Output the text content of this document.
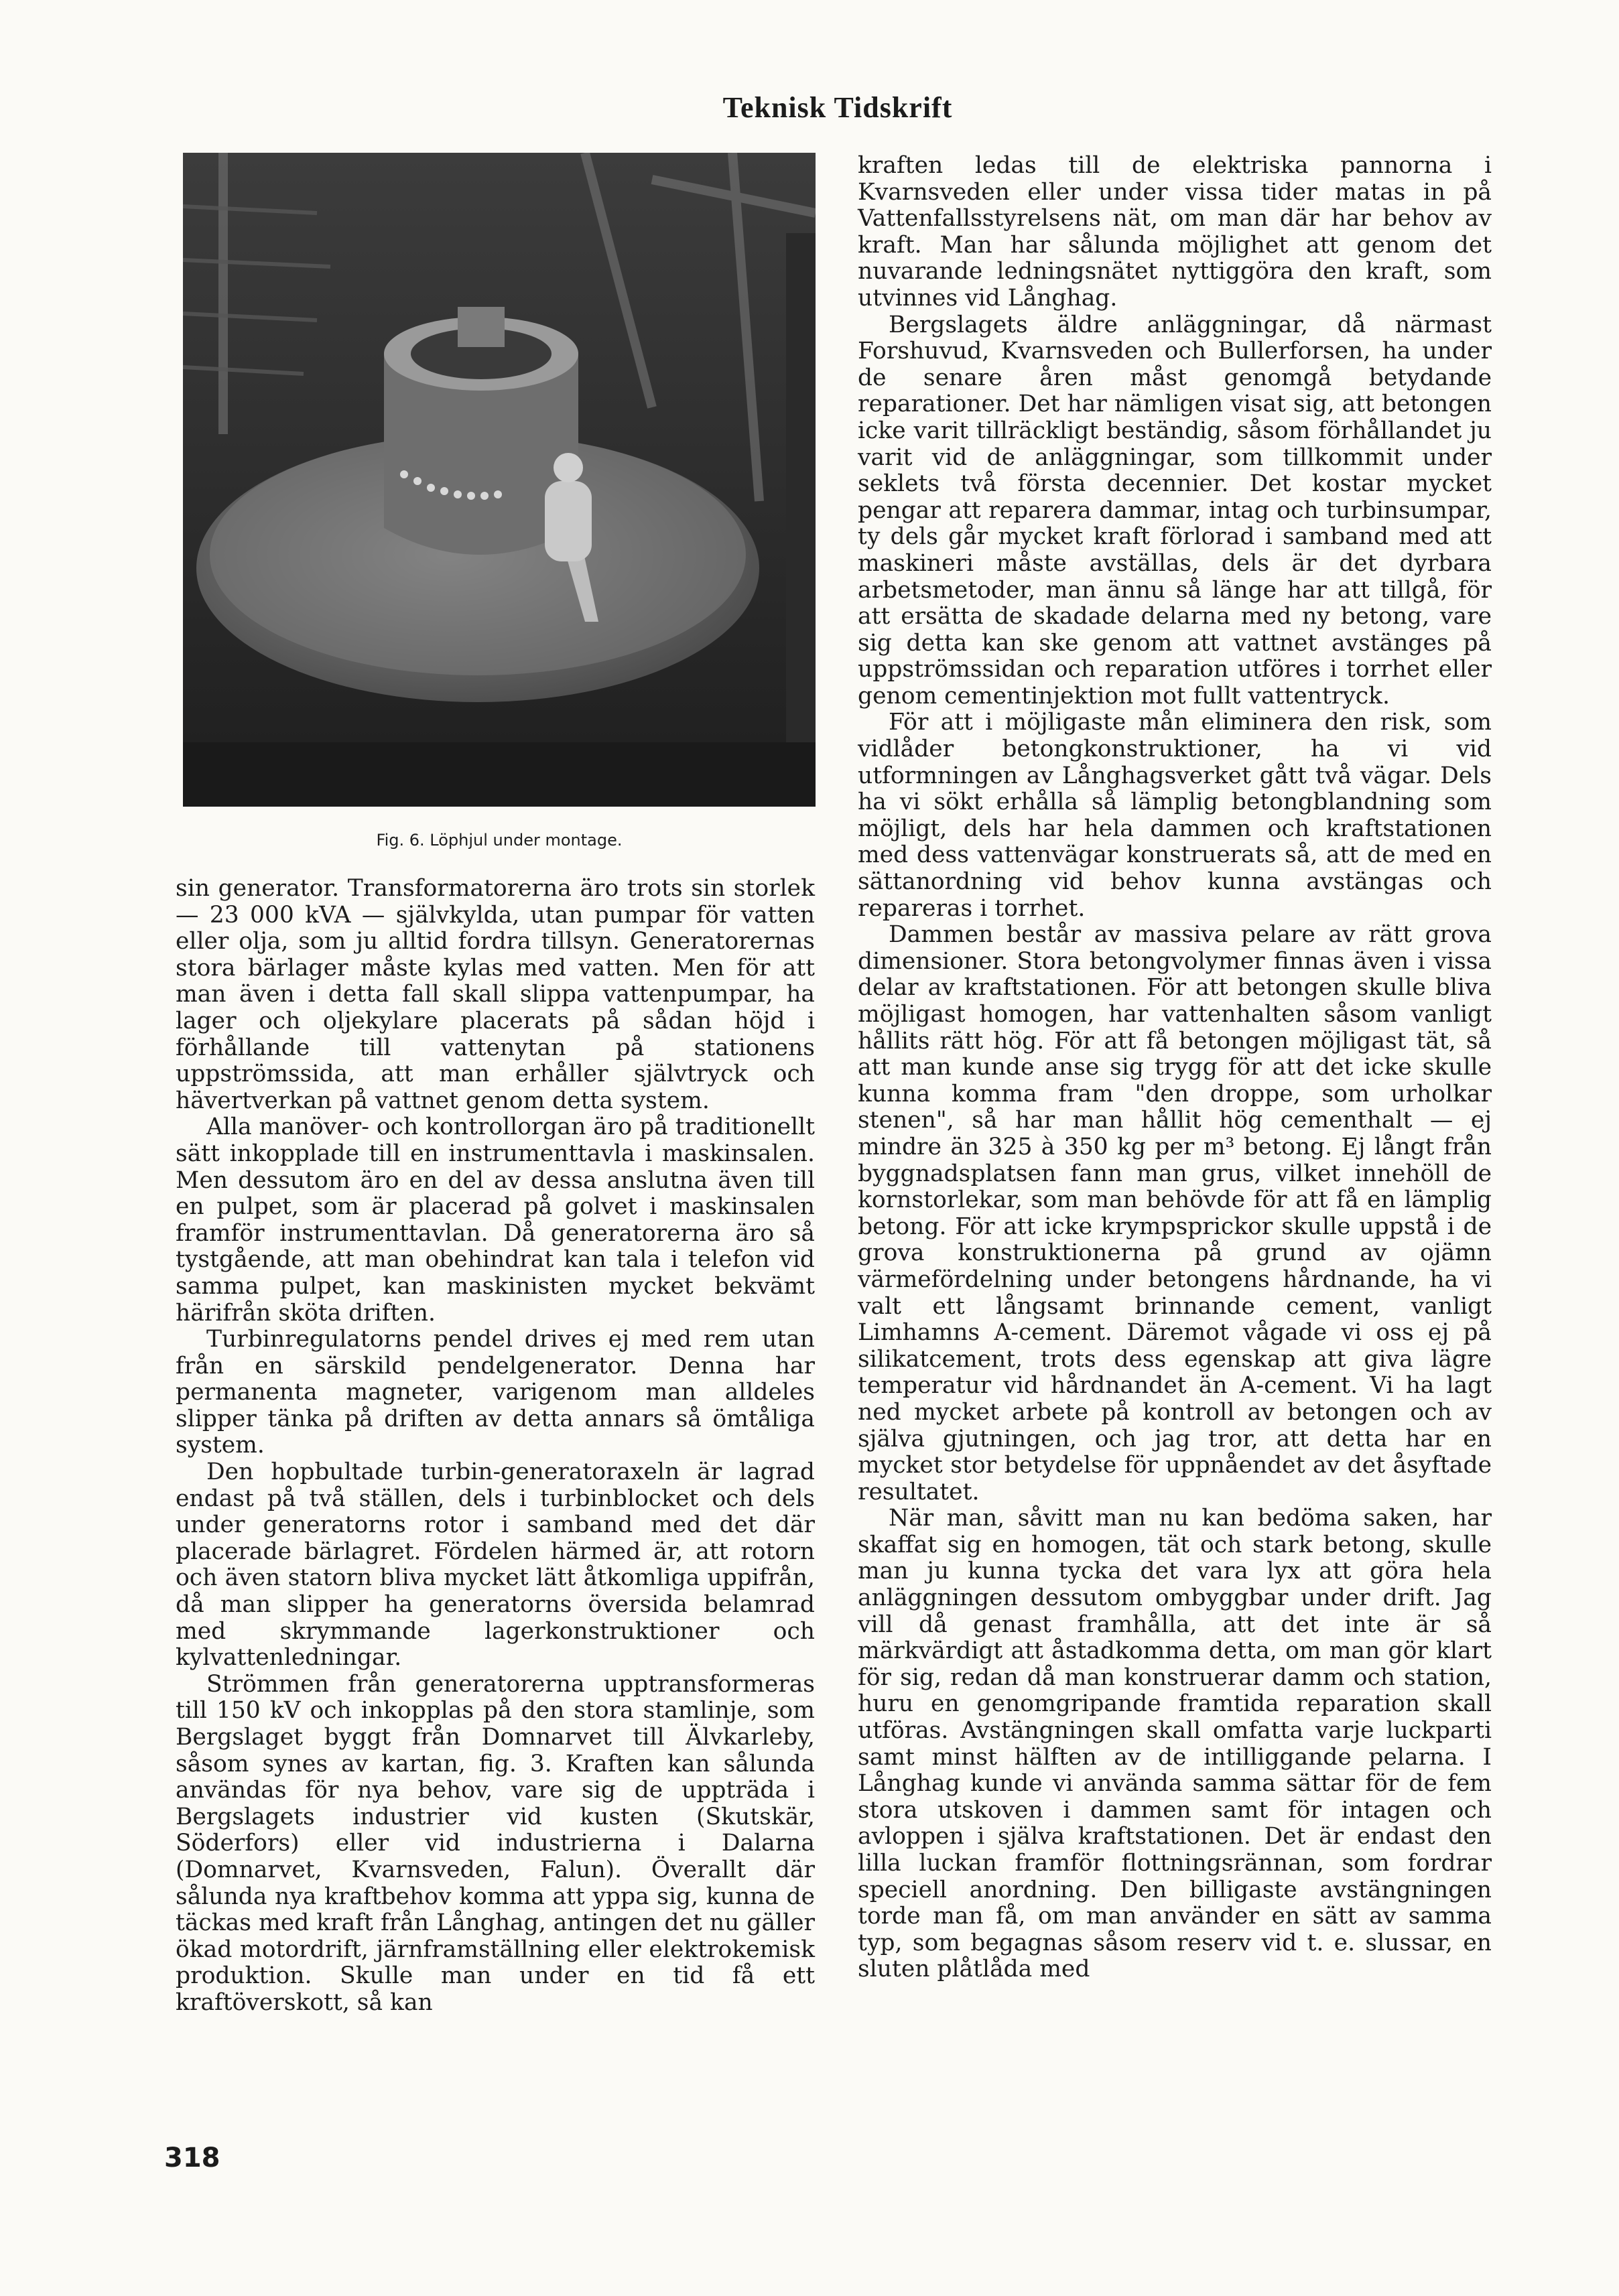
Teknisk Tidskrift
Fig. 6. Löphjul under montage.

sin generator. Transformatorerna äro trots sin storlek — 23 000 kVA — självkylda, utan pumpar för vatten eller olja, som ju alltid fordra tillsyn. Generatorernas stora bärlager måste kylas med vatten. Men för att man även i detta fall skall slippa vattenpumpar, ha lager och oljekylare placerats på sådan höjd i förhållande till vattenytan på stationens uppströmssida, att man erhåller självtryck och hävertverkan på vattnet genom detta system.

Alla manöver- och kontrollorgan äro på traditionellt sätt inkopplade till en instrumenttavla i maskinsalen. Men dessutom äro en del av dessa anslutna även till en pulpet, som är placerad på golvet i maskinsalen framför instrumenttavlan. Då generatorerna äro så tystgående, att man obehindrat kan tala i telefon vid samma pulpet, kan maskinisten mycket bekvämt härifrån sköta driften.

Turbinregulatorns pendel drives ej med rem utan från en särskild pendelgenerator. Denna har permanenta magneter, varigenom man alldeles slipper tänka på driften av detta annars så ömtåliga system.

Den hopbultade turbin-generatoraxeln är lagrad endast på två ställen, dels i turbinblocket och dels under generatorns rotor i samband med det där placerade bärlagret. Fördelen härmed är, att rotorn och även statorn bliva mycket lätt åtkomliga uppifrån, då man slipper ha generatorns översida belamrad med skrymmande lagerkonstruktioner och kylvattenledningar.

Strömmen från generatorerna upptransformeras till 150 kV och inkopplas på den stora stamlinje, som Bergslaget byggt från Domnarvet till Älvkarleby, såsom synes av kartan, fig. 3. Kraften kan sålunda användas för nya behov, vare sig de uppträda i Bergslagets industrier vid kusten (Skutskär, Söderfors) eller vid industrierna i Dalarna (Domnarvet, Kvarnsveden, Falun). Överallt där sålunda nya kraftbehov komma att yppa sig, kunna de täckas med kraft från Långhag, antingen det nu gäller ökad motordrift, järnframställning eller elektrokemisk produktion. Skulle man under en tid få ett kraftöverskott, så kan

kraften ledas till de elektriska pannorna i Kvarnsveden eller under vissa tider matas in på Vattenfallsstyrelsens nät, om man där har behov av kraft. Man har sålunda möjlighet att genom det nuvarande ledningsnätet nyttiggöra den kraft, som utvinnes vid Långhag.

Bergslagets äldre anläggningar, då närmast Forshuvud, Kvarnsveden och Bullerforsen, ha under de senare åren måst genomgå betydande reparationer. Det har nämligen visat sig, att betongen icke varit tillräckligt beständig, såsom förhållandet ju varit vid de anläggningar, som tillkommit under seklets två första decennier. Det kostar mycket pengar att reparera dammar, intag och turbinsumpar, ty dels går mycket kraft förlorad i samband med att maskineri måste avställas, dels är det dyrbara arbetsmetoder, man ännu så länge har att tillgå, för att ersätta de skadade delarna med ny betong, vare sig detta kan ske genom att vattnet avstänges på uppströmssidan och reparation utföres i torrhet eller genom cementinjektion mot fullt vattentryck.

För att i möjligaste mån eliminera den risk, som vidlåder betongkonstruktioner, ha vi vid utformningen av Långhagsverket gått två vägar. Dels ha vi sökt erhålla så lämplig betongblandning som möjligt, dels har hela dammen och kraftstationen med dess vattenvägar konstruerats så, att de med en sättanordning vid behov kunna avstängas och repareras i torrhet.

Dammen består av massiva pelare av rätt grova dimensioner. Stora betongvolymer finnas även i vissa delar av kraftstationen. För att betongen skulle bliva möjligast homogen, har vattenhalten såsom vanligt hållits rätt hög. För att få betongen möjligast tät, så att man kunde anse sig trygg för att det icke skulle kunna komma fram "den droppe, som urholkar stenen", så har man hållit hög cementhalt — ej mindre än 325 à 350 kg per m³ betong. Ej långt från byggnadsplatsen fann man grus, vilket innehöll de kornstorlekar, som man behövde för att få en lämplig betong. För att icke krympsprickor skulle uppstå i de grova konstruktionerna på grund av ojämn värmefördelning under betongens hårdnande, ha vi valt ett långsamt brinnande cement, vanligt Limhamns A-cement. Däremot vågade vi oss ej på silikatcement, trots dess egenskap att giva lägre temperatur vid hårdnandet än A-cement. Vi ha lagt ned mycket arbete på kontroll av betongen och av själva gjutningen, och jag tror, att detta har en mycket stor betydelse för uppnåendet av det åsyftade resultatet.

När man, såvitt man nu kan bedöma saken, har skaffat sig en homogen, tät och stark betong, skulle man ju kunna tycka det vara lyx att göra hela anläggningen dessutom ombyggbar under drift. Jag vill då genast framhålla, att det inte är så märkvärdigt att åstadkomma detta, om man gör klart för sig, redan då man konstruerar damm och station, huru en genomgripande framtida reparation skall utföras. Avstängningen skall omfatta varje luckparti samt minst hälften av de intilliggande pelarna. I Långhag kunde vi använda samma sättar för de fem stora utskoven i dammen samt för intagen och avloppen i själva kraftstationen. Det är endast den lilla luckan framför flottningsrännan, som fordrar speciell anordning. Den billigaste avstängningen torde man få, om man använder en sätt av samma typ, som begagnas såsom reserv vid t. e. slussar, en sluten plåtlåda med

318
